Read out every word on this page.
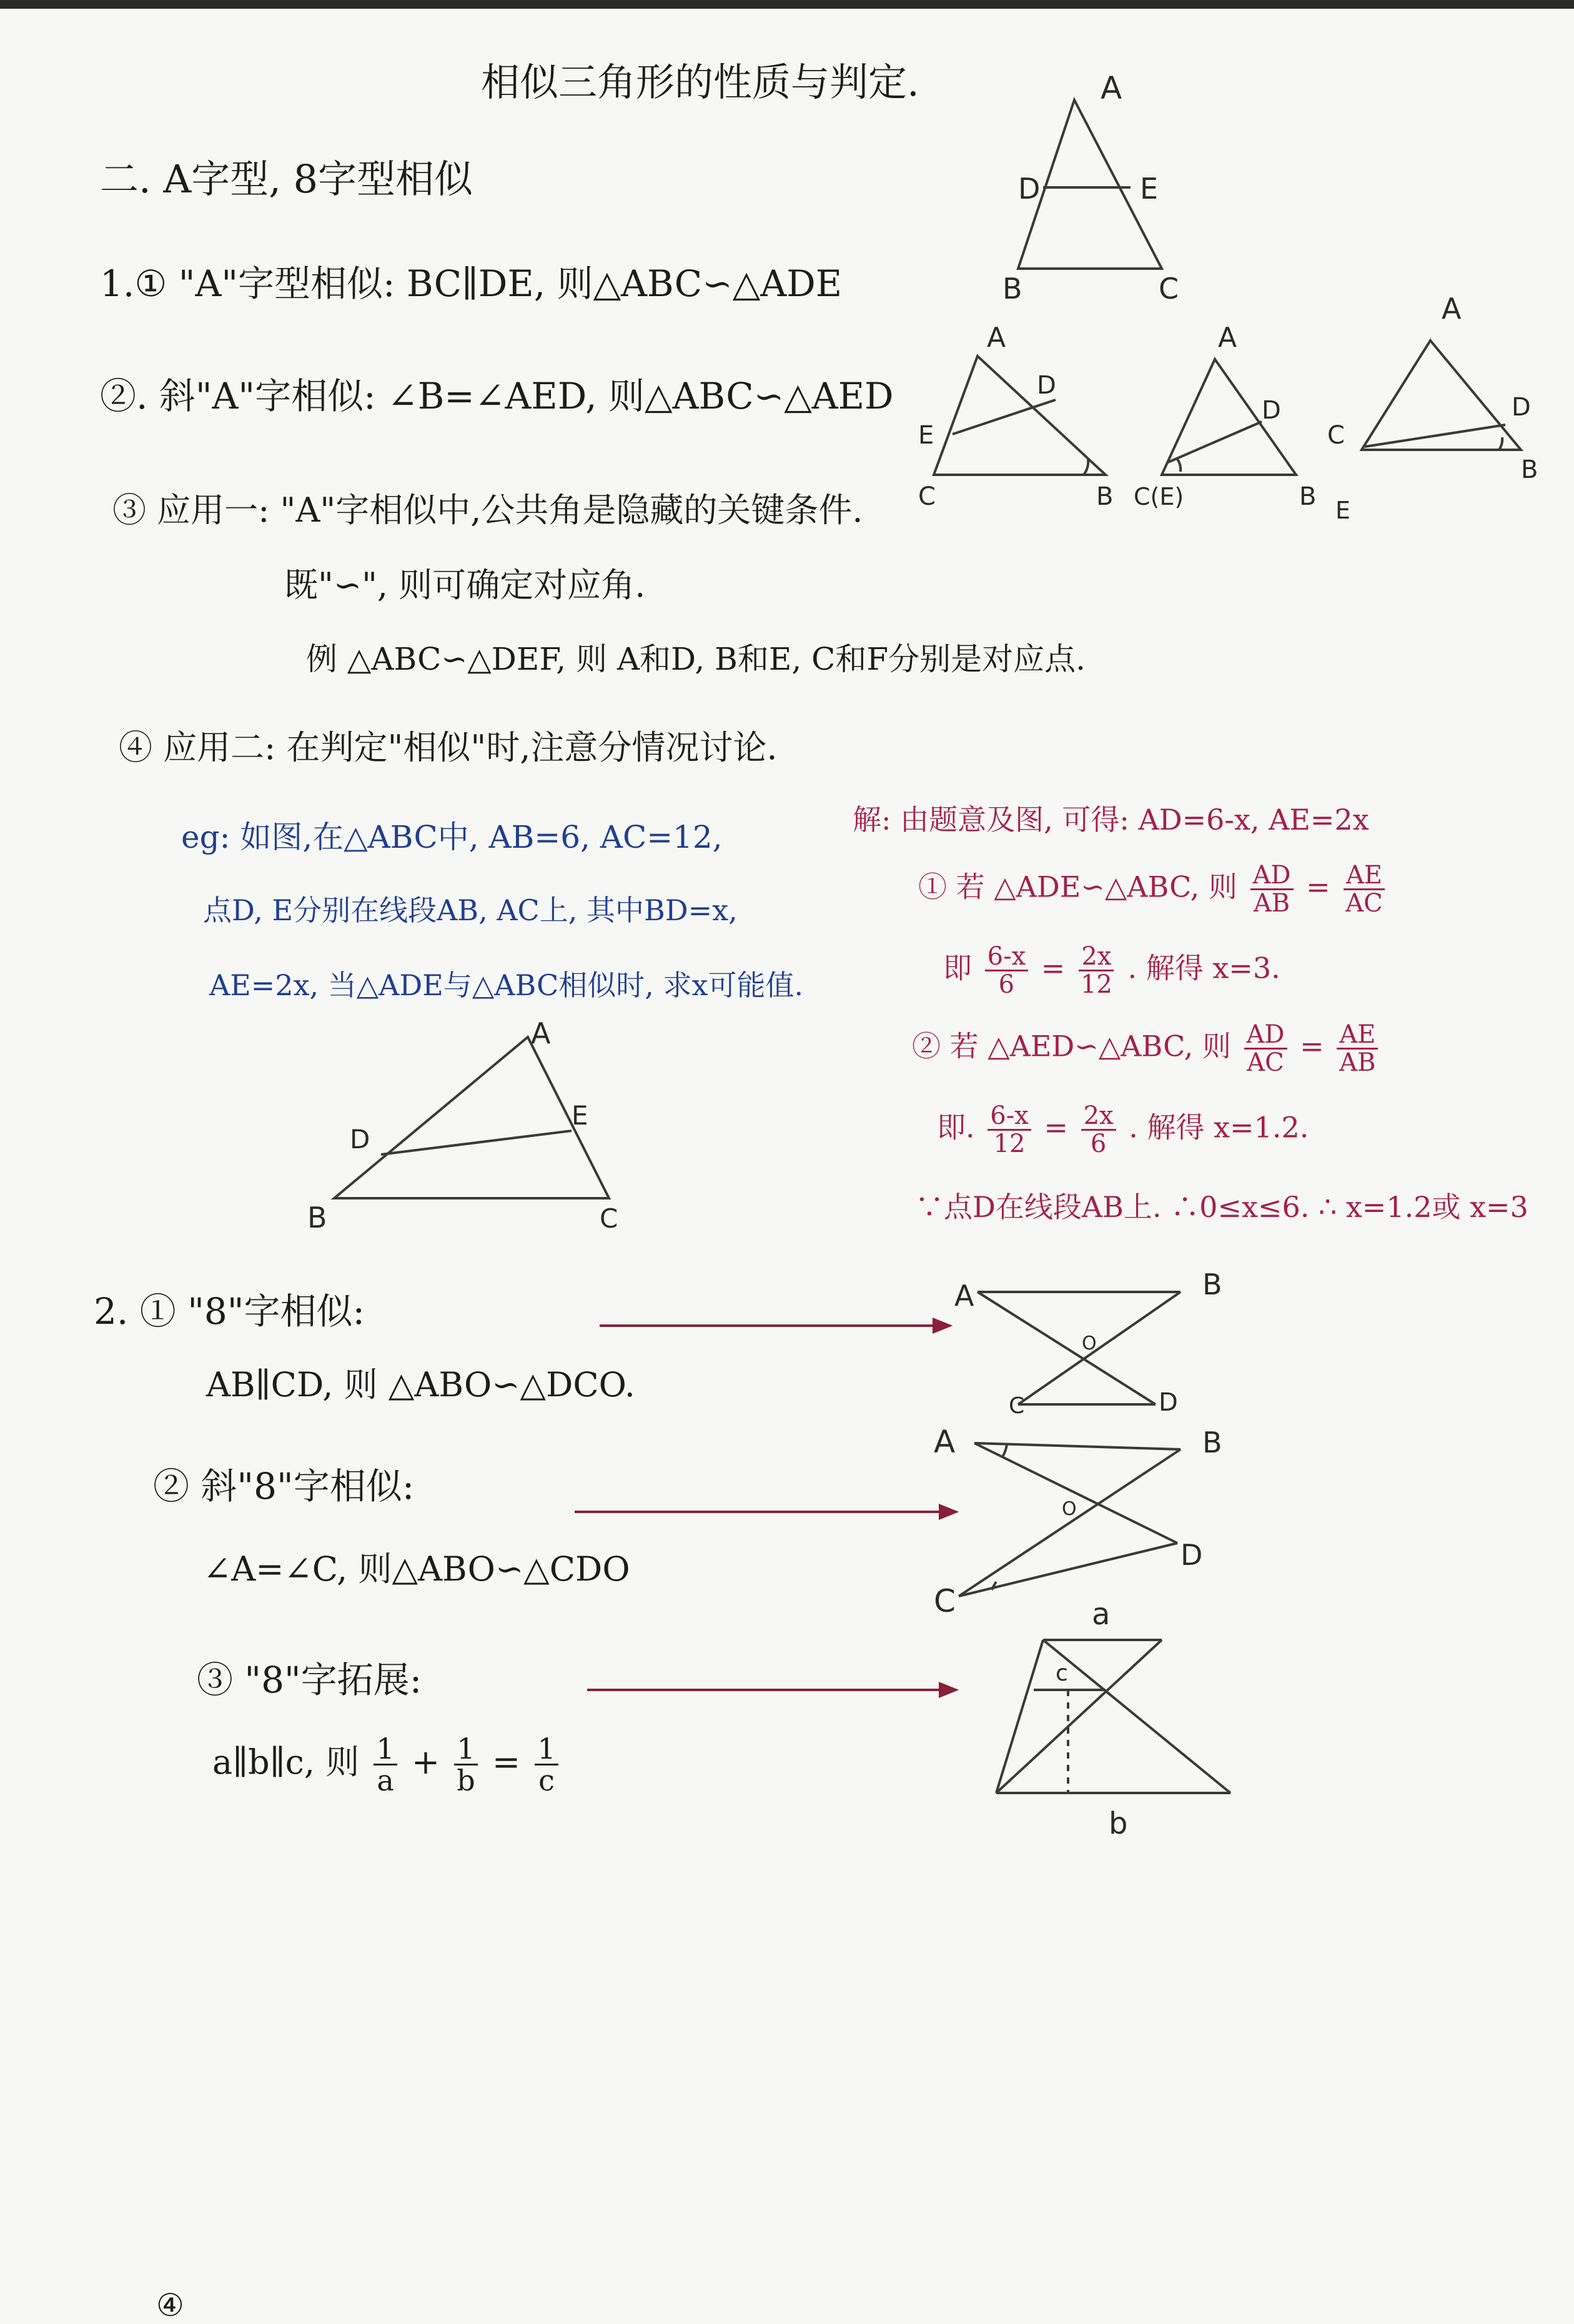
相似三角形的性质与判定.
二. A字型, 8字型相似
1.① "A"字型相似: BC∥DE, 则△ABC∽△ADE
②. 斜"A"字相似: ∠B=∠AED, 则△ABC∽△AED
③ 应用一: "A"字相似中,公共角是隐藏的关键条件.
既"∽", 则可确定对应角.
例 △ABC∽△DEF, 则 A和D, B和E, C和F分别是对应点.
④ 应用二: 在判定"相似"时,注意分情况讨论.
eg: 如图,在△ABC中, AB=6, AC=12,
点D, E分别在线段AB, AC上, 其中BD=x,
AE=2x, 当△ADE与△ABC相似时, 求x可能值.
解: 由题意及图, 可得: AD=6-x, AE=2x
① 若 △ADE∽△ABC, 则 $\frac{AD}{AB} = \frac{AE}{AC}$
即 $\frac{6-x}{6} = \frac{2x}{12}$ . 解得 x=3.
② 若 △AED∽△ABC, 则 $\frac{AD}{AC} = \frac{AE}{AB}$
即. $\frac{6-x}{12} = \frac{2x}{6}$ . 解得 x=1.2.
∵点D在线段AB上. ∴0≤x≤6. ∴ x=1.2或 x=3
2. ① "8"字相似:
AB∥CD, 则 △ABO∽△DCO.
② 斜"8"字相似:
∠A=∠C, 则△ABO∽△CDO
③ "8"字拓展:
a∥b∥c, 则 $\frac{1}{a} + \frac{1}{b} = \frac{1}{c}$
④
A
D	E
B	C
A
D
E
C	B
A
D
C(E)	B
A
D
C
B
E
A
D
E
B	C
A	B
O
C	D
A	B
O
D
C	a
c
b
